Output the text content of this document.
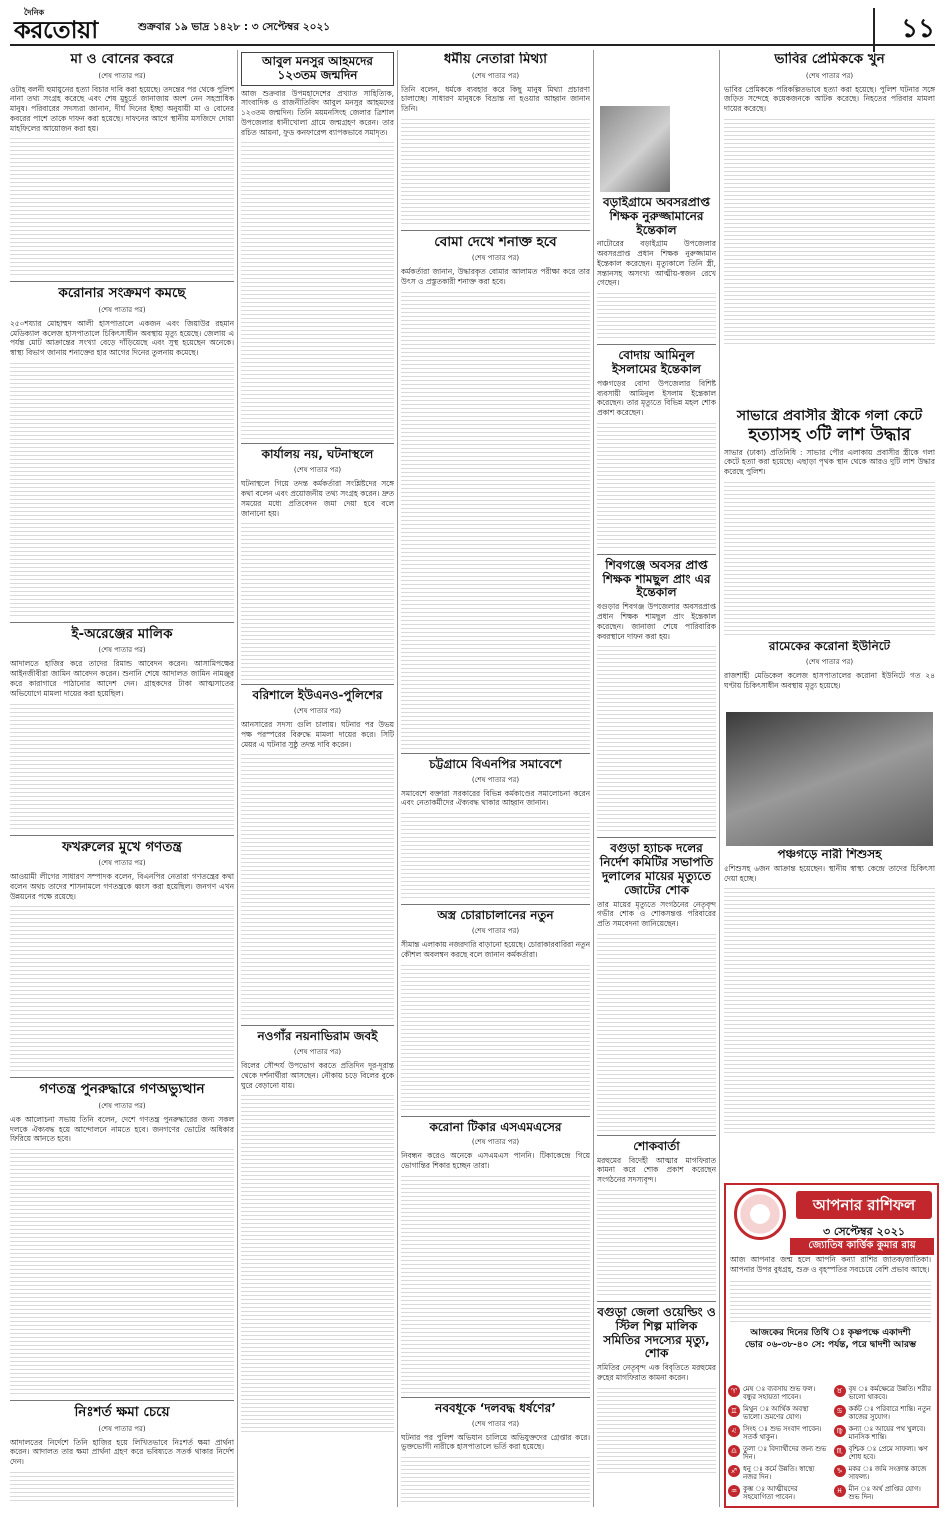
দৈনিক
করতোয়া	শুক্রবার ১৯ ভাদ্র ১৪২৮ : ৩ সেপ্টেম্বর ২০২১	১১

মা ও বোনের কবরে

(শেষ পাতার পর)

ওটাহ বলনী হুমায়ুনের হত্যা বিচার দাবি করা হয়েছে। তদন্তের পর থেকে পুলিশ নানা তথ্য সংগ্রহ করেছে এবং শেষ মুহূর্তে জানাজায় অংশ নেন সহস্রাধিক মানুষ। পরিবারের সদস্যরা জানান, দীর্ঘ দিনের ইচ্ছা অনুযায়ী মা ও বোনের কবরের পাশে তাকে দাফন করা হয়েছে। দাফনের আগে স্থানীয় মসজিদে দোয়া মাহফিলের আয়োজন করা হয়।

করোনার সংক্রমণ কমছে

(শেষ পাতার পর)

২৫০শয্যার মোহাম্মদ আলী হাসপাতালে একজন এবং জিয়াউর রহমান মেডিক্যাল কলেজ হাসপাতালে চিকিৎসাধীন অবস্থায় মৃত্যু হয়েছে। জেলায় এ পর্যন্ত মোট আক্রান্তের সংখ্যা বেড়ে দাঁড়িয়েছে এবং সুস্থ হয়েছেন অনেকে। স্বাস্থ্য বিভাগ জানায় শনাক্তের হার আগের দিনের তুলনায় কমেছে।

ই-অরেঞ্জের মালিক

(শেষ পাতার পর)

আদালতে হাজির করে তাদের রিমান্ড আবেদন করেন। আসামিপক্ষের আইনজীবীরা জামিন আবেদন করেন। শুনানি শেষে আদালত জামিন নামঞ্জুর করে কারাগারে পাঠানোর আদেশ দেন। গ্রাহকদের টাকা আত্মসাতের অভিযোগে মামলা দায়ের করা হয়েছিল।

ফখরুলের মুখে গণতন্ত্র

(শেষ পাতার পর)

আওয়ামী লীগের সাধারণ সম্পাদক বলেন, বিএনপির নেতারা গণতন্ত্রের কথা বলেন অথচ তাদের শাসনামলে গণতন্ত্রকে ধ্বংস করা হয়েছিল। জনগণ এখন উন্নয়নের পক্ষে রয়েছে।

গণতন্ত্র পুনরুদ্ধারে গণঅভ্যুত্থান

(শেষ পাতার পর)

এক আলোচনা সভায় তিনি বলেন, দেশে গণতন্ত্র পুনরুদ্ধারের জন্য সকল দলকে ঐক্যবদ্ধ হয়ে আন্দোলনে নামতে হবে। জনগণের ভোটের অধিকার ফিরিয়ে আনতে হবে।

নিঃশর্ত ক্ষমা চেয়ে

(শেষ পাতার পর)

আদালতের নির্দেশে তিনি হাজির হয়ে লিখিতভাবে নিঃশর্ত ক্ষমা প্রার্থনা করেন। আদালত তার ক্ষমা প্রার্থনা গ্রহণ করে ভবিষ্যতে সতর্ক থাকার নির্দেশ দেন।

আবুল মনসুর আহমদের ১২৩তম জন্মদিন

আজ শুক্রবার উপমহাদেশের প্রখ্যাত সাহিত্যিক, সাংবাদিক ও রাজনীতিবিদ আবুল মনসুর আহমদের ১২৩তম জন্মদিন। তিনি ময়মনসিংহ জেলার ত্রিশাল উপজেলার ধানীখোলা গ্রামে জন্মগ্রহণ করেন। তার রচিত আয়না, ফুড কনফারেন্স ব্যাপকভাবে সমাদৃত।

কার্যালয় নয়, ঘটনাস্থলে

(শেষ পাতার পর)

ঘটনাস্থলে গিয়ে তদন্ত কর্মকর্তারা সংশ্লিষ্টদের সঙ্গে কথা বলেন এবং প্রয়োজনীয় তথ্য সংগ্রহ করেন। দ্রুত সময়ের মধ্যে প্রতিবেদন জমা দেয়া হবে বলে জানানো হয়।

বরিশালে ইউএনও-পুলিশের

(শেষ পাতার পর)

আনসারের সদস্য গুলি চালায়। ঘটনার পর উভয় পক্ষ পরস্পরের বিরুদ্ধে মামলা দায়ের করে। সিটি মেয়র এ ঘটনার সুষ্ঠু তদন্ত দাবি করেন।

নওগাঁর নয়নাভিরাম জবই

(শেষ পাতার পর)

বিলের সৌন্দর্য উপভোগ করতে প্রতিদিন দূর-দূরান্ত থেকে দর্শনার্থীরা আসছেন। নৌকায় চড়ে বিলের বুকে ঘুরে বেড়ানো যায়।

ধর্মীয় নেতারা মিথ্যা

(শেষ পাতার পর)

তিনি বলেন, ধর্মকে ব্যবহার করে কিছু মানুষ মিথ্যা প্রচারণা চালাচ্ছে। সাধারণ মানুষকে বিভ্রান্ত না হওয়ার আহ্বান জানান তিনি।

বোমা দেখে শনাক্ত হবে

(শেষ পাতার পর)

কর্মকর্তারা জানান, উদ্ধারকৃত বোমার আলামত পরীক্ষা করে তার উৎস ও প্রস্তুতকারী শনাক্ত করা হবে।

চট্টগ্রামে বিএনপির সমাবেশে

(শেষ পাতার পর)

সমাবেশে বক্তারা সরকারের বিভিন্ন কর্মকাণ্ডের সমালোচনা করেন এবং নেতাকর্মীদের ঐক্যবদ্ধ থাকার আহ্বান জানান।

অস্ত্র চোরাচালানের নতুন

(শেষ পাতার পর)

সীমান্ত এলাকায় নজরদারি বাড়ানো হয়েছে। চোরাকারবারিরা নতুন কৌশল অবলম্বন করছে বলে জানান কর্মকর্তারা।

করোনা টিকার এসএমএসের

(শেষ পাতার পর)

নিবন্ধন করেও অনেকে এসএমএস পাননি। টিকাকেন্দ্রে গিয়ে ভোগান্তির শিকার হচ্ছেন তারা।

নববধূকে ‘দলবদ্ধ ধর্ষণের’

(শেষ পাতার পর)

ঘটনার পর পুলিশ অভিযান চালিয়ে অভিযুক্তদের গ্রেপ্তার করে। ভুক্তভোগী নারীকে হাসপাতালে ভর্তি করা হয়েছে।

বড়াইগ্রামে অবসরপ্রাপ্ত শিক্ষক নুরুজ্জামানের ইন্তেকাল

নাটোরের বড়াইগ্রাম উপজেলার অবসরপ্রাপ্ত প্রধান শিক্ষক নুরুজ্জামান ইন্তেকাল করেছেন। মৃত্যুকালে তিনি স্ত্রী, সন্তানসহ অসংখ্য আত্মীয়-স্বজন রেখে গেছেন।

বোদায় আমিনুল ইসলামের ইন্তেকাল

পঞ্চগড়ের বোদা উপজেলার বিশিষ্ট ব্যবসায়ী আমিনুল ইসলাম ইন্তেকাল করেছেন। তার মৃত্যুতে বিভিন্ন মহল শোক প্রকাশ করেছেন।

শিবগঞ্জে অবসর প্রাপ্ত শিক্ষক শামছুল প্রাং এর ইন্তেকাল

বগুড়ার শিবগঞ্জ উপজেলার অবসরপ্রাপ্ত প্রধান শিক্ষক শামছুল প্রাং ইন্তেকাল করেছেন। জানাজা শেষে পারিবারিক কবরস্থানে দাফন করা হয়।

বগুড়া হ্যাচক দলের নির্দেশ কমিটির সভাপতি দুলালের মায়ের মৃত্যুতে জোটের শোক

তার মায়ের মৃত্যুতে সংগঠনের নেতৃবৃন্দ গভীর শোক ও শোকসন্তপ্ত পরিবারের প্রতি সমবেদনা জানিয়েছেন।

শোকবার্তা

মরহুমের বিদেহী আত্মার মাগফিরাত কামনা করে শোক প্রকাশ করেছেন সংগঠনের সদস্যবৃন্দ।

বগুড়া জেলা ওয়েল্ডিং ও স্টিল শিল্প মালিক সমিতির সদস্যের মৃত্যু, শোক

সমিতির নেতৃবৃন্দ এক বিবৃতিতে মরহুমের রুহের মাগফিরাত কামনা করেন।

ভাবির প্রেমিককে খুন

(শেষ পাতার পর)

ভাবির প্রেমিককে পরিকল্পিতভাবে হত্যা করা হয়েছে। পুলিশ ঘটনার সঙ্গে জড়িত সন্দেহে কয়েকজনকে আটক করেছে। নিহতের পরিবার মামলা দায়ের করেছে।

সাভারে প্রবাসীর স্ত্রীকে গলা কেটে

হত্যাসহ ৩টি লাশ উদ্ধার

সাভার (ঢাকা) প্রতিনিধি : সাভার পৌর এলাকায় প্রবাসীর স্ত্রীকে গলা কেটে হত্যা করা হয়েছে। এছাড়া পৃথক স্থান থেকে আরও দুটি লাশ উদ্ধার করেছে পুলিশ।

রামেকের করোনা ইউনিটে

(শেষ পাতার পর)

রাজশাহী মেডিকেল কলেজ হাসপাতালের করোনা ইউনিটে গত ২৪ ঘণ্টায় চিকিৎসাধীন অবস্থায় মৃত্যু হয়েছে।

পঞ্চগড়ে নারী শিশুসহ

৫শিশুসহ ৬জন আক্রান্ত হয়েছেন। স্থানীয় স্বাস্থ্য কেন্দ্রে তাদের চিকিৎসা দেয়া হচ্ছে।

আপনার রাশিফল
৩ সেপ্টেম্বর ২০২১
জ্যোতিষ কার্ত্তিক কুমার রায়

আজ আপনার জন্ম হলে আপনি কন্যা রাশির জাতক/জাতিকা। আপনার উপর বুধগ্রহ, শুক্র ও বৃহস্পতির সবচেয়ে বেশি প্রভাব আছে।

আজকের দিনের তিথি ঃ কৃষ্ণপক্ষে একাদশী

ভোর ০৬-৩৮-৪০ সে: পর্যন্ত, পরে দ্বাদশী আরম্ভ

♈ মেষ ঃ ব্যবসায় শুভ ফল। বন্ধুর সহায়তা পাবেন।
♉ বৃষ ঃ কর্মক্ষেত্রে উন্নতি। শরীর ভালো থাকবে।
♊ মিথুন ঃ আর্থিক অবস্থা ভালো। ভ্রমণের যোগ।
♋ কর্কট ঃ পরিবারে শান্তি। নতুন কাজের সুযোগ।
♌ সিংহ ঃ শুভ সংবাদ পাবেন। সতর্ক থাকুন।
♍ কন্যা ঃ আয়ের পথ খুলবে। মানসিক শান্তি।
♎ তুলা ঃ বিদ্যার্থীদের জন্য শুভ দিন।
♏ বৃশ্চিক ঃ প্রেমে সাফল্য। ঋণ শোধ হবে।
♐ ধনু ঃ কর্মে উন্নতি। স্বাস্থ্যে নজর দিন।
♑ মকর ঃ জমি সংক্রান্ত কাজে সাফল্য।
♒ কুম্ভ ঃ আত্মীয়দের সহযোগিতা পাবেন।
♓ মীন ঃ অর্থ প্রাপ্তির যোগ। শুভ দিন।
